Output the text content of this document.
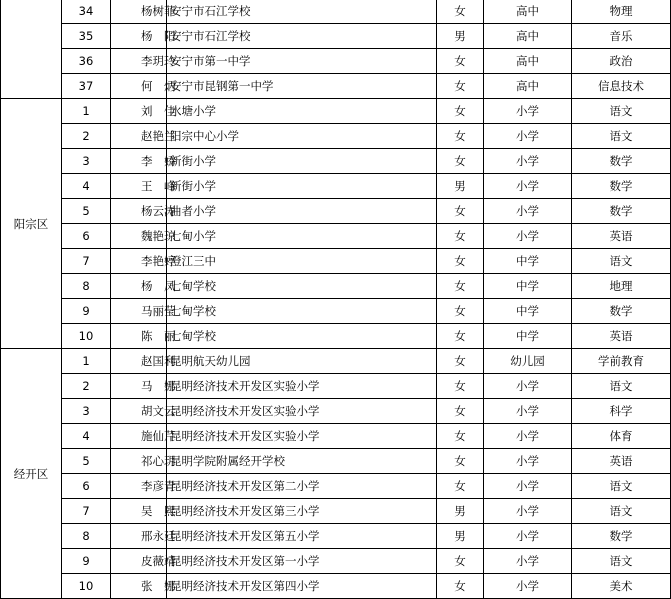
	34	杨树菲	安宁市石江学校	女	高中	物理
	35	杨　阳	安宁市石江学校	男	高中	音乐
	36	李玥玲	安宁市第一中学	女	高中	政治
	37	何　炳	安宁市昆钢第一中学	女	高中	信息技术
阳宗区	1	刘　佳	水塘小学	女	小学	语文
	2	赵艳兰	阳宗中心小学	女	小学	语文
	3	李　娇	新街小学	女	小学	数学
	4	王　峰	新街小学	男	小学	数学
	5	杨云涛	曲者小学	女	小学	数学
	6	魏艳琼	七甸小学	女	小学	英语
	7	李艳婷	澄江三中	女	中学	语文
	8	杨　凤	七甸学校	女	中学	地理
	9	马丽莹	七甸学校	女	中学	数学
	10	陈　丽	七甸学校	女	中学	英语
经开区	1	赵国利	昆明航天幼儿园	女	幼儿园	学前教育
	2	马　娜	昆明经济技术开发区实验小学	女	小学	语文
	3	胡文云	昆明经济技术开发区实验小学	女	小学	科学
	4	施仙芹	昆明经济技术开发区实验小学	女	小学	体育
	5	祁心玥	昆明学院附属经开学校	女	小学	英语
	6	李彦青	昆明经济技术开发区第二小学	女	小学	语文
	7	吴　熙	昆明经济技术开发区第三小学	男	小学	语文
	8	邢永廷	昆明经济技术开发区第五小学	男	小学	数学
	9	皮薇靖	昆明经济技术开发区第一小学	女	小学	语文
	10	张　娜	昆明经济技术开发区第四小学	女	小学	美术
